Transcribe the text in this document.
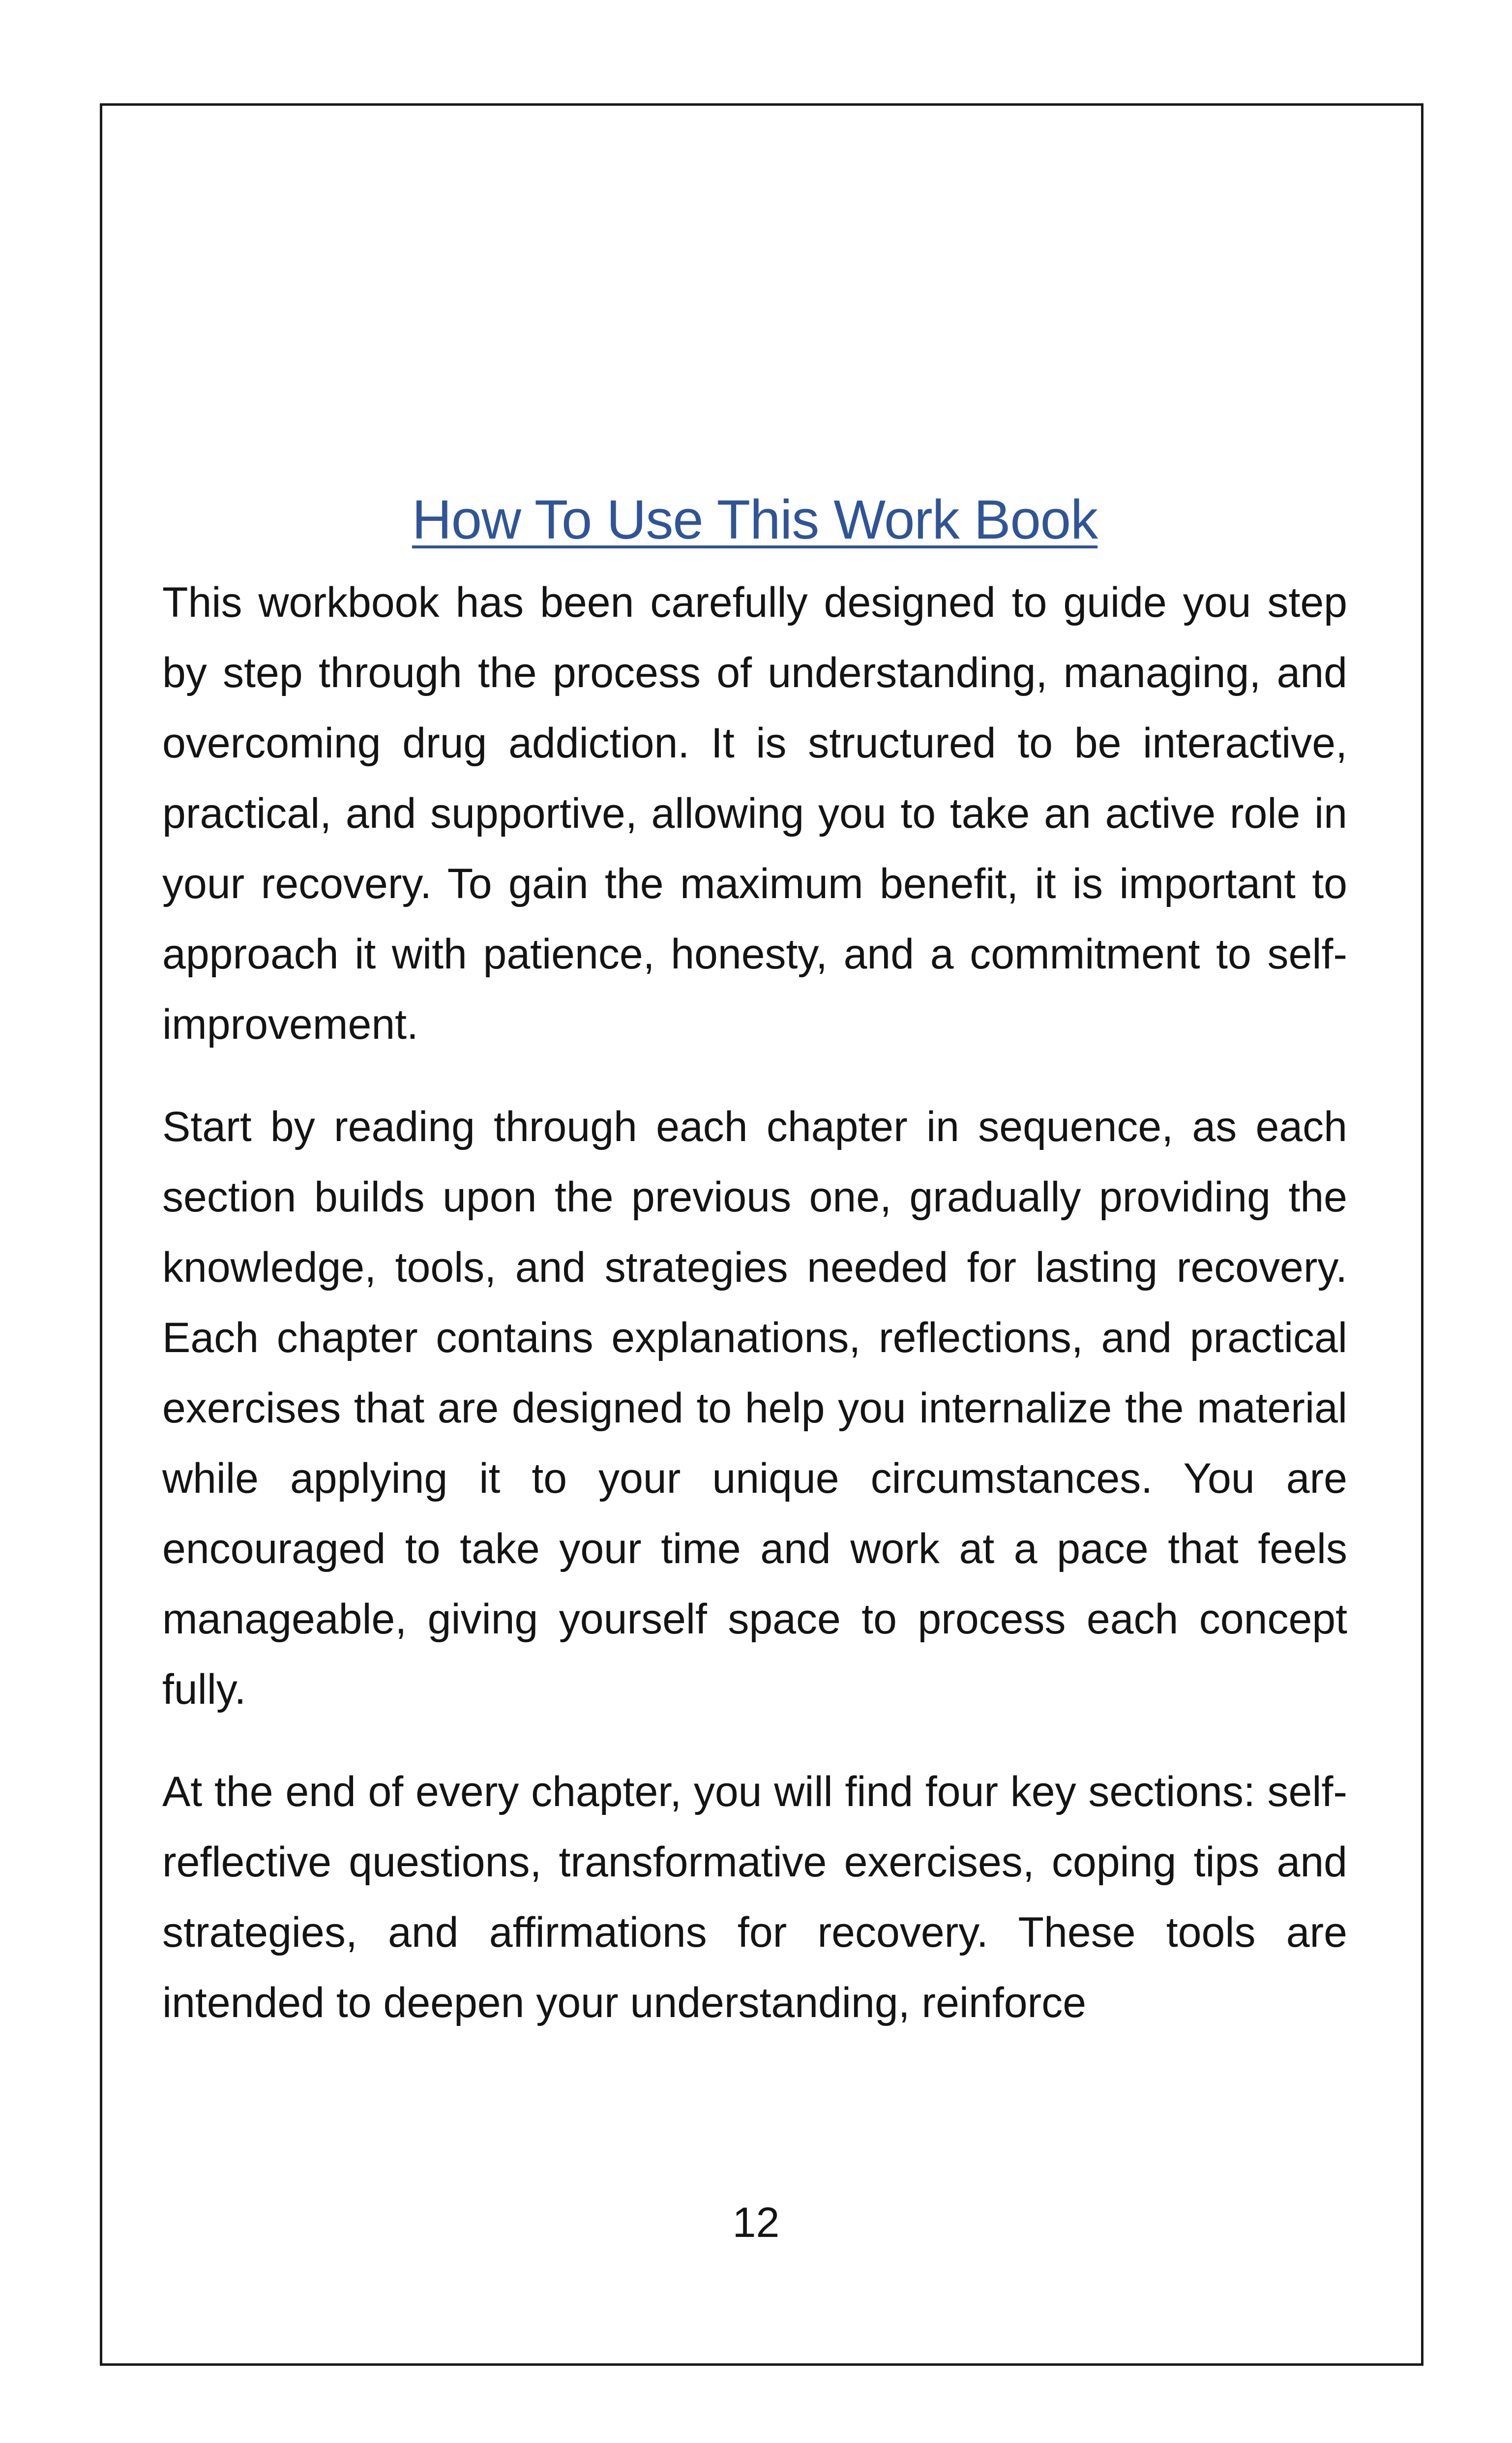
How To Use This Work Book

This workbook has been carefully designed to guide you step by step through the process of understanding, managing, and overcoming drug addiction. It is structured to be interactive, practical, and supportive, allowing you to take an active role in your recovery. To gain the maximum benefit, it is important to approach it with patience, honesty, and a commitment to self-improvement.

Start by reading through each chapter in sequence, as each section builds upon the previous one, gradually providing the knowledge, tools, and strategies needed for lasting recovery. Each chapter contains explanations, reflections, and practical exercises that are designed to help you internalize the material while applying it to your unique circumstances. You are encouraged to take your time and work at a pace that feels manageable, giving yourself space to process each concept fully.

At the end of every chapter, you will find four key sections: self-reflective questions, transformative exercises, coping tips and strategies, and affirmations for recovery. These tools are intended to deepen your understanding, reinforce

12
